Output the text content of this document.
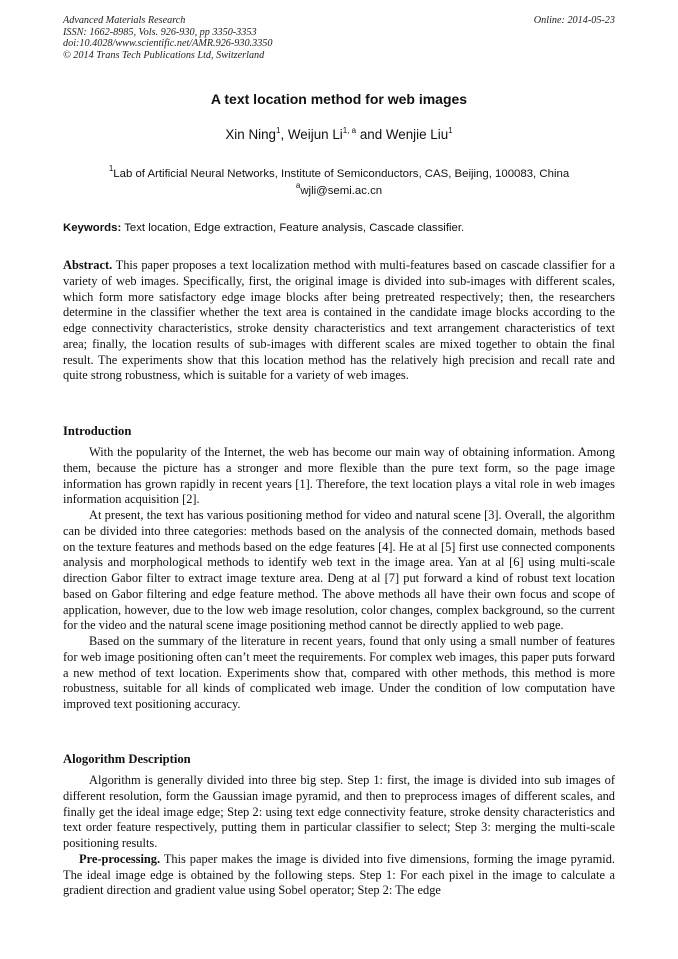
Advanced Materials Research
ISSN: 1662-8985, Vols. 926-930, pp 3350-3353
doi:10.4028/www.scientific.net/AMR.926-930.3350
© 2014 Trans Tech Publications Ltd, Switzerland
Online: 2014-05-23
A text location method for web images
Xin Ning$^1$, Weijun Li$^{1, a}$ and Wenjie Liu$^1$
$^1$Lab of Artificial Neural Networks, Institute of Semiconductors, CAS, Beijing, 100083, China
$^a$wjli@semi.ac.cn
Keywords: Text location, Edge extraction, Feature analysis, Cascade classifier.
Abstract. This paper proposes a text localization method with multi-features based on cascade classifier for a variety of web images. Specifically, first, the original image is divided into sub-images with different scales, which form more satisfactory edge image blocks after being pretreated respectively; then, the researchers determine in the classifier whether the text area is contained in the candidate image blocks according to the edge connectivity characteristics, stroke density characteristics and text arrangement characteristics of text area; finally, the location results of sub-images with different scales are mixed together to obtain the final result. The experiments show that this location method has the relatively high precision and recall rate and quite strong robustness, which is suitable for a variety of web images.
Introduction
With the popularity of the Internet, the web has become our main way of obtaining information. Among them, because the picture has a stronger and more flexible than the pure text form, so the page image information has grown rapidly in recent years [1]. Therefore, the text location plays a vital role in web images information acquisition [2].
At present, the text has various positioning method for video and natural scene [3]. Overall, the algorithm can be divided into three categories: methods based on the analysis of the connected domain, methods based on the texture features and methods based on the edge features [4]. He at al [5] first use connected components analysis and morphological methods to identify web text in the image area. Yan at al [6] using multi-scale direction Gabor filter to extract image texture area. Deng at al [7] put forward a kind of robust text location based on Gabor filtering and edge feature method. The above methods all have their own focus and scope of application, however, due to the low web image resolution, color changes, complex background, so the current for the video and the natural scene image positioning method cannot be directly applied to web page.
Based on the summary of the literature in recent years, found that only using a small number of features for web image positioning often can’t meet the requirements. For complex web images, this paper puts forward a new method of text location. Experiments show that, compared with other methods, this method is more robustness, suitable for all kinds of complicated web image. Under the condition of low computation have improved text positioning accuracy.
Alogorithm Description
Algorithm is generally divided into three big step. Step 1: first, the image is divided into sub images of different resolution, form the Gaussian image pyramid, and then to preprocess images of different scales, and finally get the ideal image edge; Step 2: using text edge connectivity feature, stroke density characteristics and text order feature respectively, putting them in particular classifier to select; Step 3: merging the multi-scale positioning results.
Pre-processing. This paper makes the image is divided into five dimensions, forming the image pyramid. The ideal image edge is obtained by the following steps. Step 1: For each pixel in the image to calculate a gradient direction and gradient value using Sobel operator; Step 2: The edge
